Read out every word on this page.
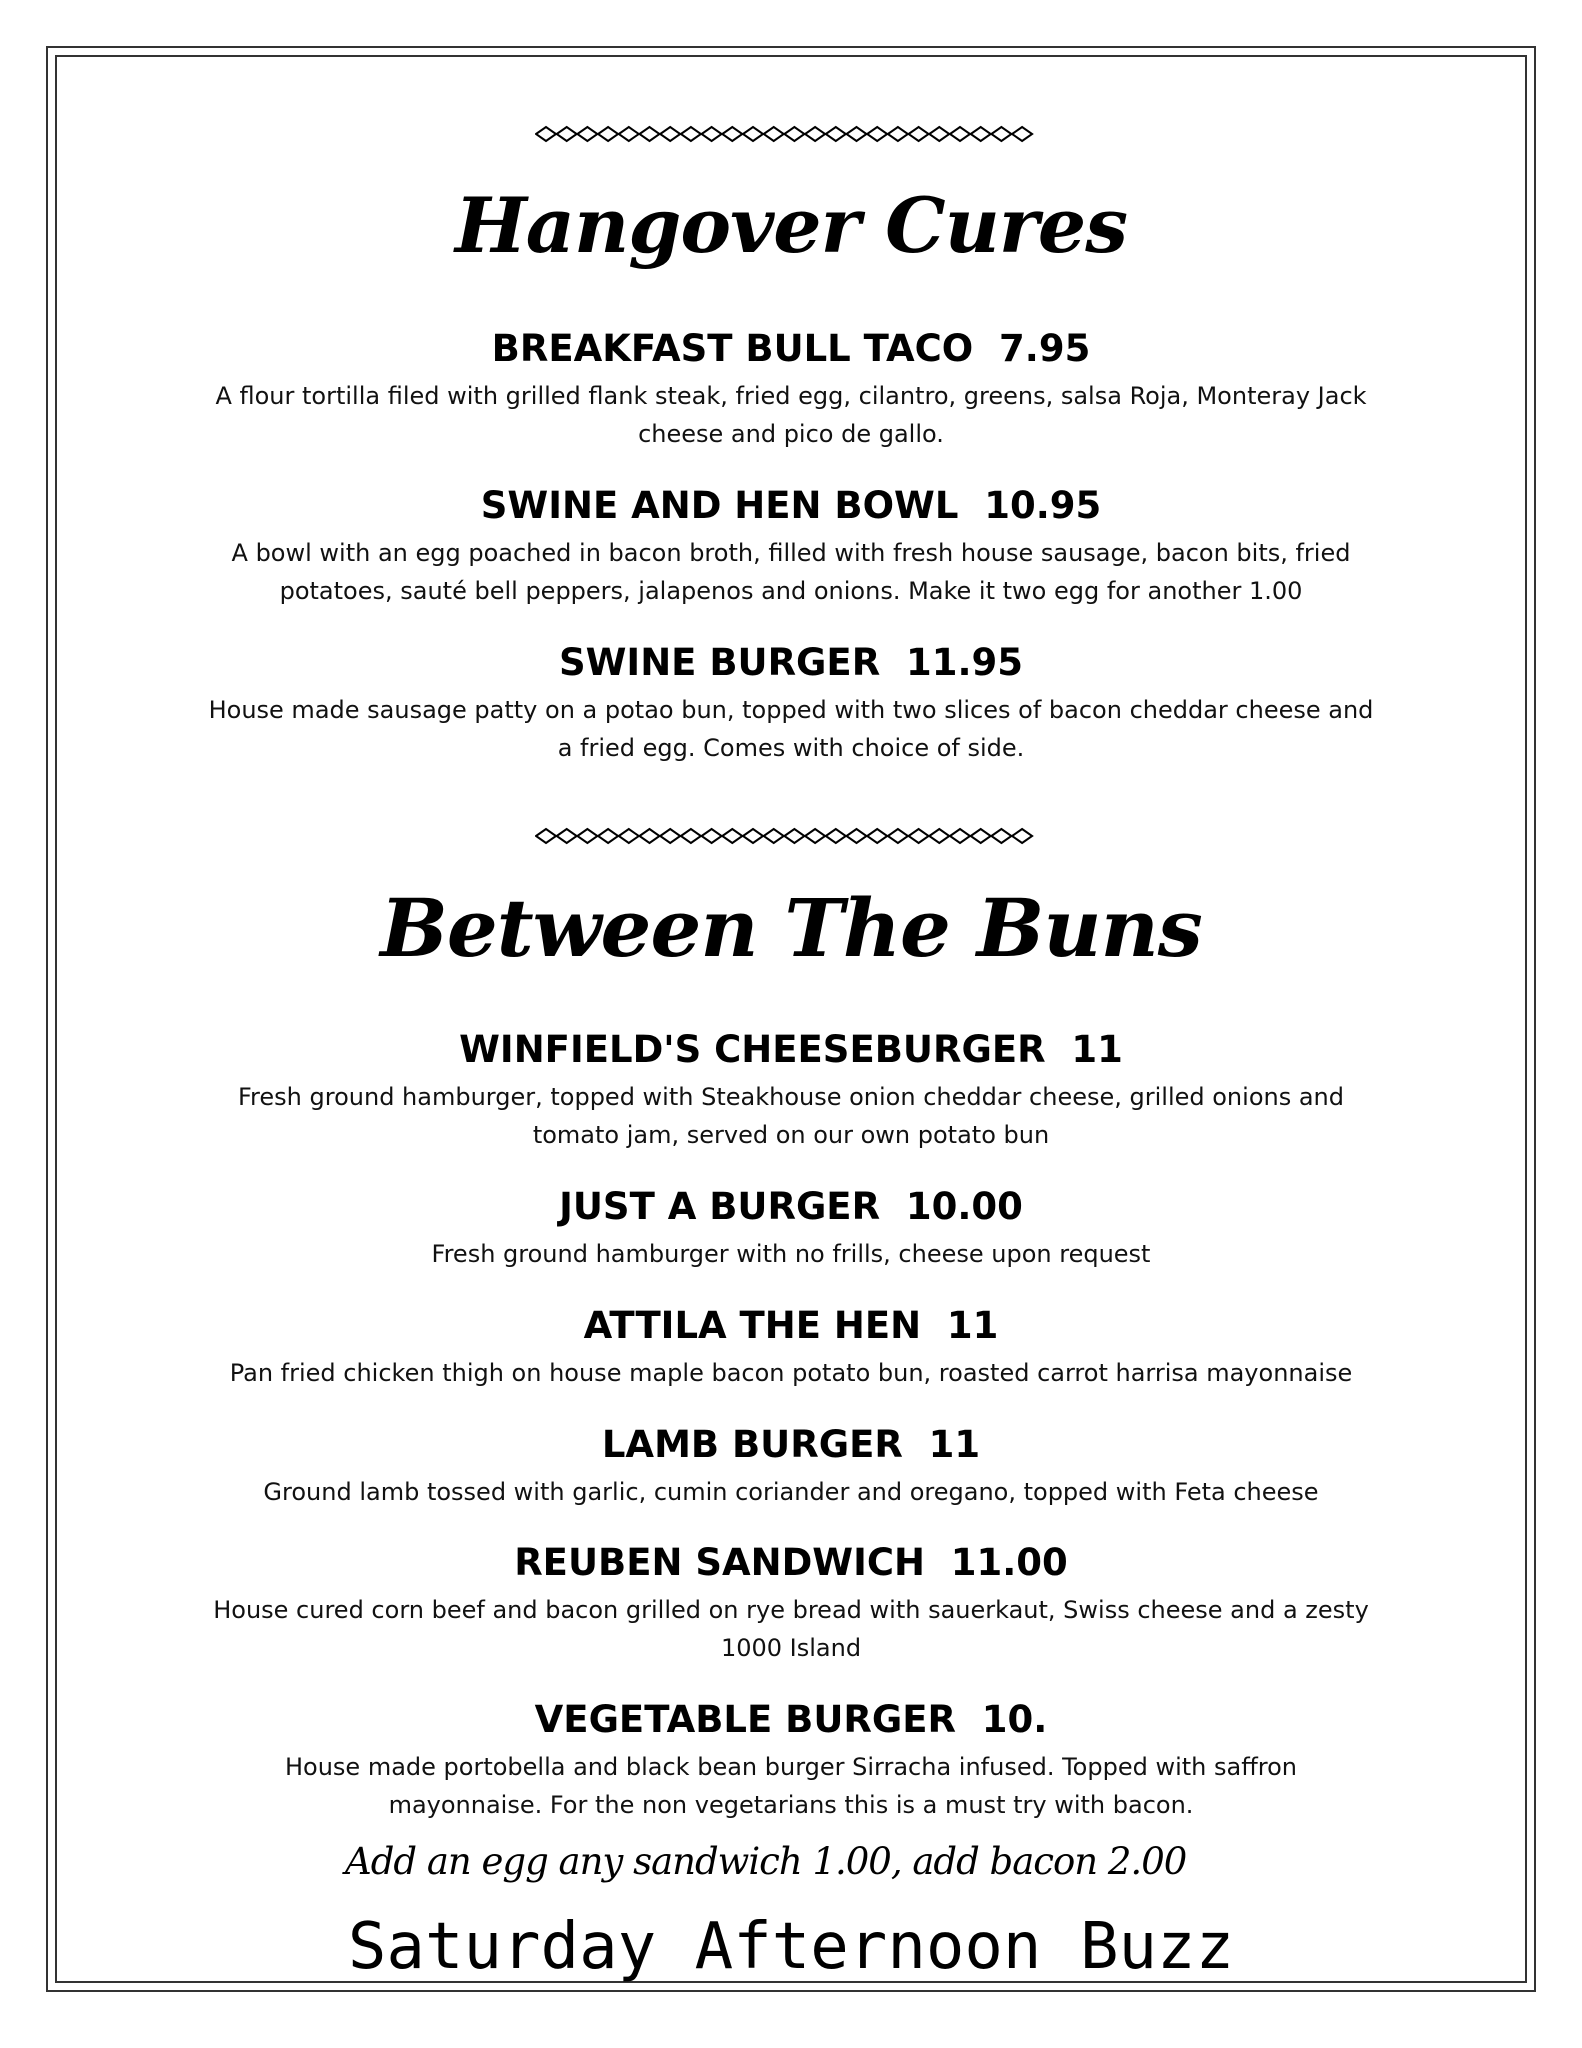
Hangover Cures

BREAKFAST BULL TACO 7.95

A flour tortilla filed with grilled flank steak, fried egg, cilantro, greens, salsa Roja, Monteray Jack cheese and pico de gallo.

SWINE AND HEN BOWL 10.95

A bowl with an egg poached in bacon broth, filled with fresh house sausage, bacon bits, fried potatoes, sauté bell peppers, jalapenos and onions. Make it two egg for another 1.00

SWINE BURGER 11.95

House made sausage patty on a potao bun, topped with two slices of bacon cheddar cheese and a fried egg. Comes with choice of side.

Between The Buns

WINFIELD'S CHEESEBURGER 11

Fresh ground hamburger, topped with Steakhouse onion cheddar cheese, grilled onions and tomato jam, served on our own potato bun

JUST A BURGER 10.00

Fresh ground hamburger with no frills, cheese upon request

ATTILA THE HEN 11

Pan fried chicken thigh on house maple bacon potato bun, roasted carrot harrisa mayonnaise

LAMB BURGER 11

Ground lamb tossed with garlic, cumin coriander and oregano, topped with Feta cheese

REUBEN SANDWICH 11.00

House cured corn beef and bacon grilled on rye bread with sauerkaut, Swiss cheese and a zesty 1000 Island

VEGETABLE BURGER 10.

House made portobella and black bean burger Sirracha infused. Topped with saffron mayonnaise. For the non vegetarians this is a must try with bacon.

Add an egg any sandwich 1.00, add bacon 2.00

Saturday Afternoon Buzz
